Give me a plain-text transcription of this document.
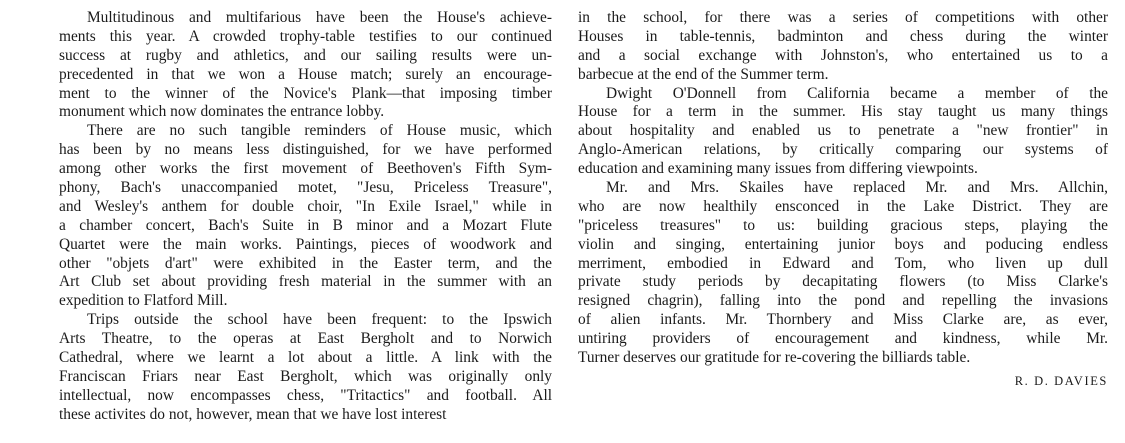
Multitudinous and multifarious have been the House's achieve-
ments this year. A crowded trophy-table testifies to our continued
success at rugby and athletics, and our sailing results were un-
precedented in that we won a House match; surely an encourage-
ment to the winner of the Novice's Plank—that imposing timber
monument which now dominates the entrance lobby.
There are no such tangible reminders of House music, which
has been by no means less distinguished, for we have performed
among other works the first movement of Beethoven's Fifth Sym-
phony, Bach's unaccompanied motet, "Jesu, Priceless Treasure",
and Wesley's anthem for double choir, "In Exile Israel," while in
a chamber concert, Bach's Suite in B minor and a Mozart Flute
Quartet were the main works. Paintings, pieces of woodwork and
other "objets d'art" were exhibited in the Easter term, and the
Art Club set about providing fresh material in the summer with an
expedition to Flatford Mill.
Trips outside the school have been frequent: to the Ipswich
Arts Theatre, to the operas at East Bergholt and to Norwich
Cathedral, where we learnt a lot about a little. A link with the
Franciscan Friars near East Bergholt, which was originally only
intellectual, now encompasses chess, "Tritactics" and football. All
these activites do not, however, mean that we have lost interest
in the school, for there was a series of competitions with other
Houses in table-tennis, badminton and chess during the winter
and a social exchange with Johnston's, who entertained us to a
barbecue at the end of the Summer term.
Dwight O'Donnell from California became a member of the
House for a term in the summer. His stay taught us many things
about hospitality and enabled us to penetrate a "new frontier" in
Anglo-American relations, by critically comparing our systems of
education and examining many issues from differing viewpoints.
Mr. and Mrs. Skailes have replaced Mr. and Mrs. Allchin,
who are now healthily ensconced in the Lake District. They are
"priceless treasures" to us: building gracious steps, playing the
violin and singing, entertaining junior boys and poducing endless
merriment, embodied in Edward and Tom, who liven up dull
private study periods by decapitating flowers (to Miss Clarke's
resigned chagrin), falling into the pond and repelling the invasions
of alien infants. Mr. Thornbery and Miss Clarke are, as ever,
untiring providers of encouragement and kindness, while Mr.
Turner deserves our gratitude for re-covering the billiards table.
R. D. DAVIES
